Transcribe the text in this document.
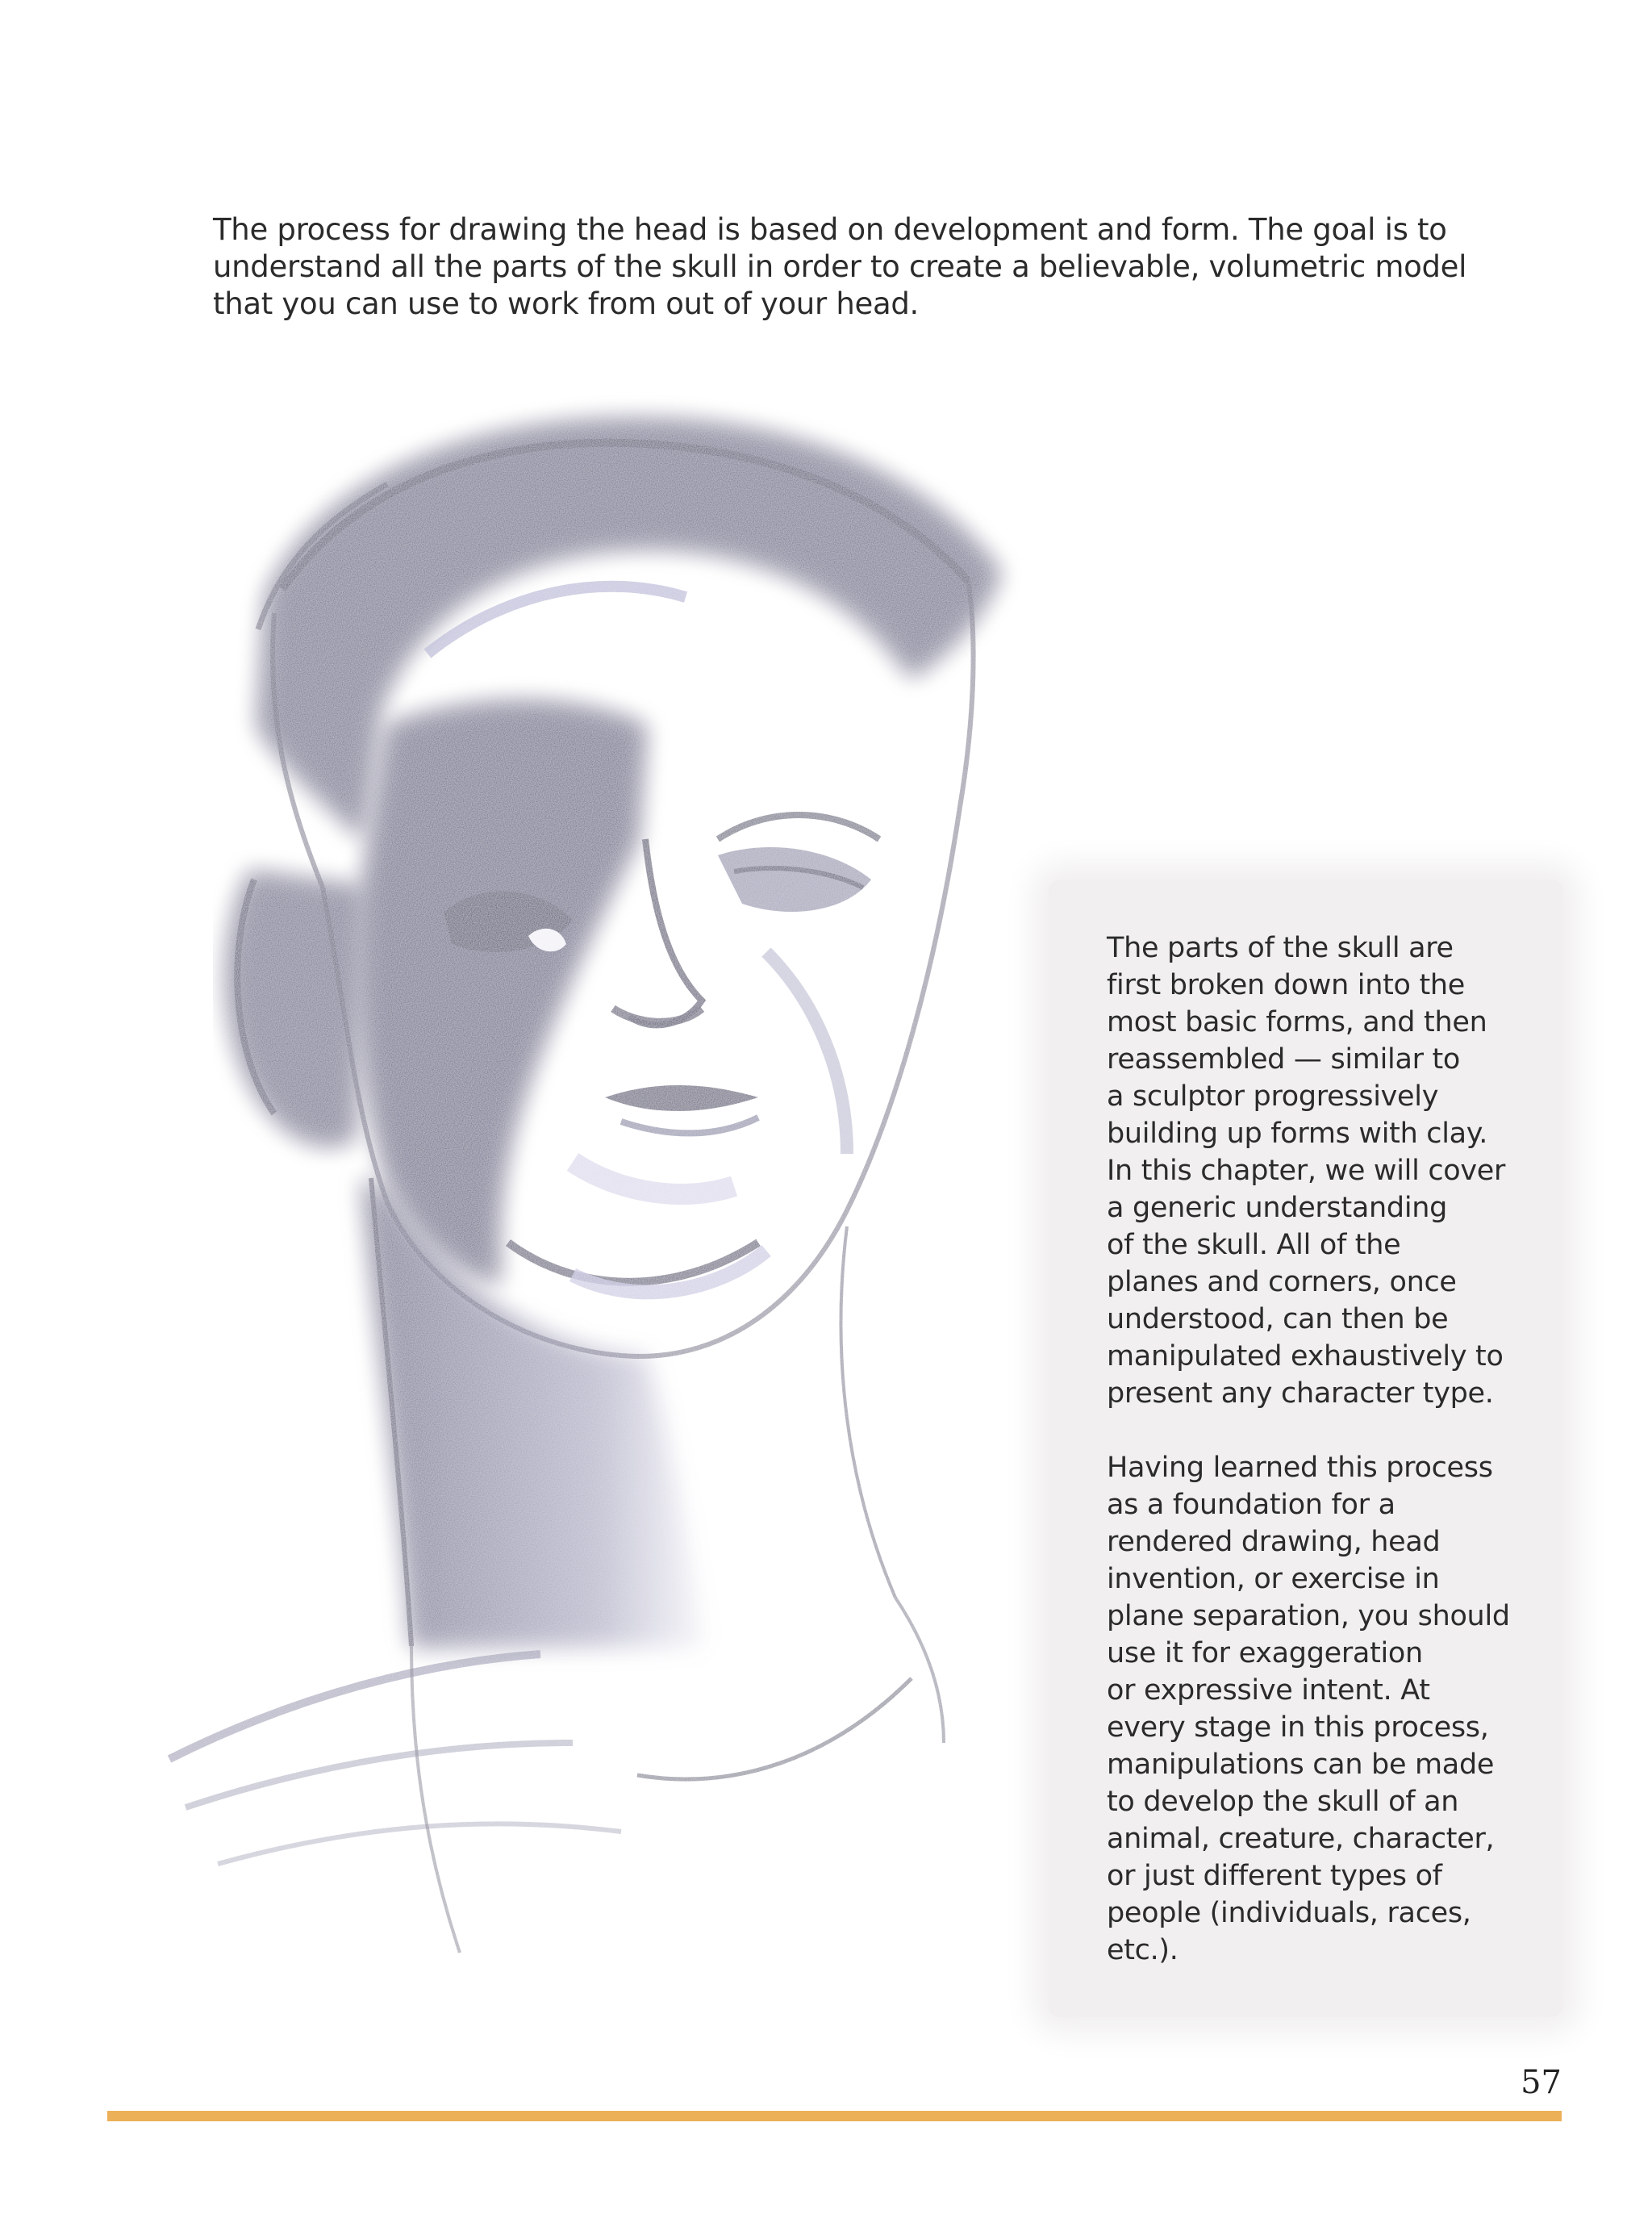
The process for drawing the head is based on development and form. The goal is to understand all the parts of the skull in order to create a believable, volumetric model that you can use to work from out of your head.

The parts of the skull are
first broken down into the
most basic forms, and then
reassembled — similar to
a sculptor progressively
building up forms with clay.
In this chapter, we will cover
a generic understanding
of the skull. All of the
planes and corners, once
understood, can then be
manipulated exhaustively to
present any character type.

Having learned this process
as a foundation for a
rendered drawing, head
invention, or exercise in
plane separation, you should
use it for exaggeration
or expressive intent. At
every stage in this process,
manipulations can be made
to develop the skull of an
animal, creature, character,
or just different types of
people (individuals, races,
etc.).

57
